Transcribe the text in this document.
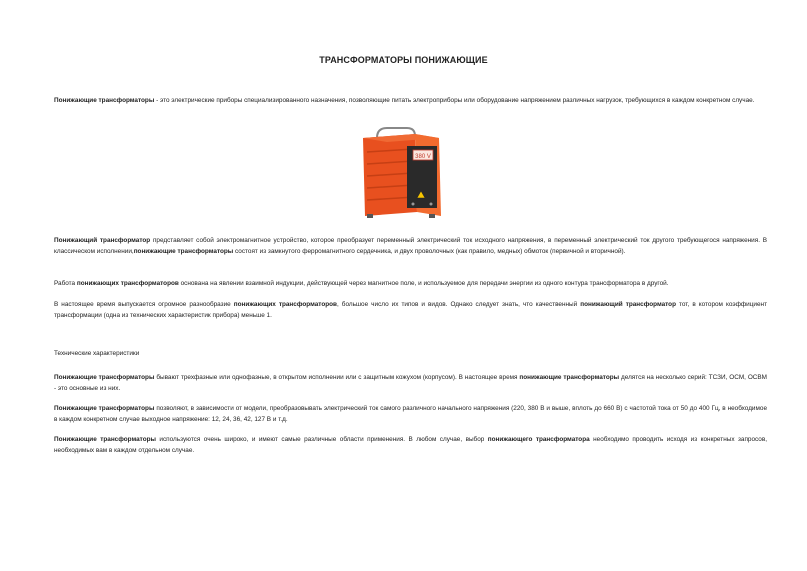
ТРАНСФОРМАТОРЫ ПОНИЖАЮЩИЕ
Понижающие трансформаторы - это электрические приборы специализированного назначения, позволяющие питать электроприборы или оборудование напряжением различных нагрузок, требующихся в каждом конкретном случае.
380 V
Понижающий трансформатор представляет собой электромагнитное устройство, которое преобразует переменный электрический ток исходного напряжения, в переменный электрический ток другого требующегося напряжения. В классическом исполнении,понижающие трансформаторы состоят из замкнутого ферромагнитного сердечника, и двух проволочных (как правило, медных) обмоток (первичной и вторичной).
Работа понижающих трансформаторов основана на явлении взаимной индукции, действующей через магнитное поле, и используемое для передачи энергии из одного контура трансформатора в другой.
В настоящее время выпускается огромное разнообразие понижающих трансформаторов, большое число их типов и видов. Однако следует знать, что качественный понижающий трансформатор тот, в котором коэффициент трансформации (одна из технических характеристик прибора) меньше 1.
Технические характеристики
Понижающие трансформаторы бывают трехфазные или однофазные, в открытом исполнении или с защитным кожухом (корпусом). В настоящее время понижающие трансформаторы делятся на несколько серий: ТСЗИ, ОСМ, ОСВМ - это основные из них.
Понижающие трансформаторы позволяют, в зависимости от модели, преобразовывать электрический ток самого различного начального напряжения (220, 380 В и выше, вплоть до 660 В) с частотой тока от 50 до 400 Гц, в необходимое в каждом конкретном случае выходное напряжение: 12, 24, 36, 42, 127 В и т.д.
Понижающие трансформаторы используются очень широко, и имеют самые различные области применения. В любом случае, выбор понижающего трансформатора необходимо проводить исходя из конкретных запросов, необходимых вам в каждом отдельном случае.
